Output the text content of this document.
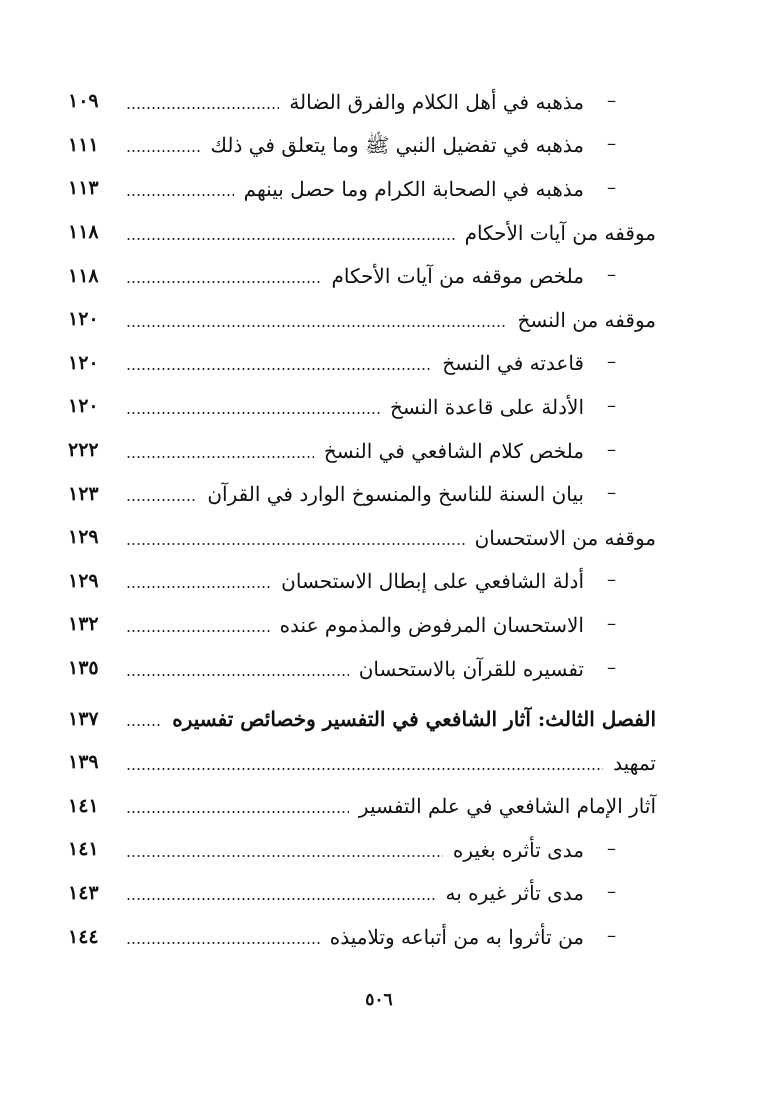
–
مذهبه في أهل الكلام والفرق الضالة
١٠٩
–
مذهبه في تفضيل النبي ﷺ وما يتعلق في ذلك
١١١
–
مذهبه في الصحابة الكرام وما حصل بينهم
١١٣
موقفه من آيات الأحكام
١١٨
–
ملخص موقفه من آيات الأحكام
١١٨
موقفه من النسخ
١٢٠
–
قاعدته في النسخ
١٢٠
–
الأدلة على قاعدة النسخ
١٢٠
–
ملخص كلام الشافعي في النسخ
٢٢٢
–
بيان السنة للناسخ والمنسوخ الوارد في القرآن
١٢٣
موقفه من الاستحسان
١٢٩
–
أدلة الشافعي على إبطال الاستحسان
١٢٩
–
الاستحسان المرفوض والمذموم عنده
١٣٢
–
تفسيره للقرآن بالاستحسان
١٣٥
الفصل الثالث: آثار الشافعي في التفسير وخصائص تفسيره
١٣٧
تمهيد
١٣٩
آثار الإمام الشافعي في علم التفسير
١٤١
–
مدى تأثره بغيره
١٤١
–
مدى تأثر غيره به
١٤٣
–
من تأثروا به من أتباعه وتلاميذه
١٤٤
٥٠٦
